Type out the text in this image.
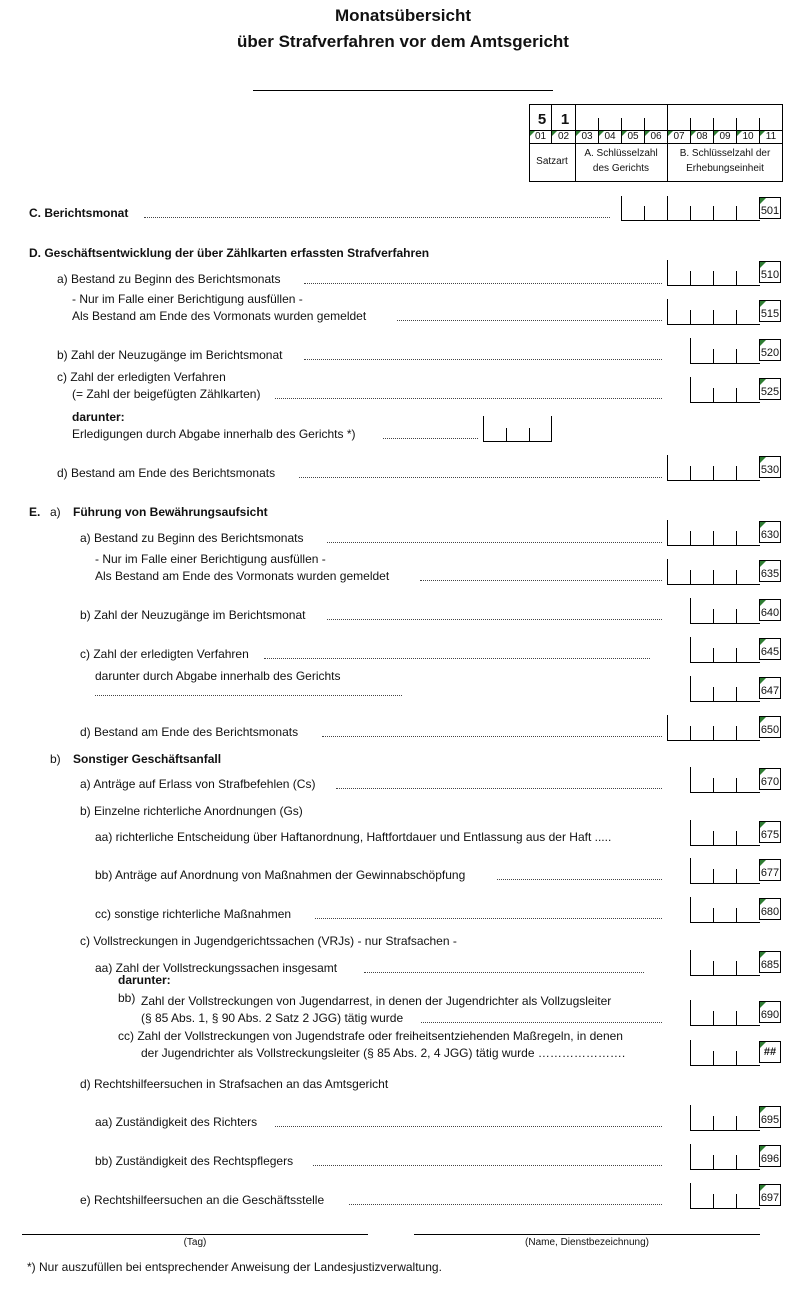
Monatsübersicht
über Strafverfahren vor dem Amtsgericht
5 1
01	02	03	04	05	06	07	08	09	10	11
Satzart
A. Schlüsselzahl
des Gerichts
B. Schlüsselzahl der
Erhebungseinheit
C. Berichtsmonat	501
D. Geschäftsentwicklung der über Zählkarten erfassten Strafverfahren
a) Bestand zu Beginn des Berichtsmonats	510
- Nur im Falle einer Berichtigung ausfüllen -
Als Bestand am Ende des Vormonats wurden gemeldet	515
b) Zahl der Neuzugänge im Berichtsmonat	520
c) Zahl der erledigten Verfahren
(= Zahl der beigefügten Zählkarten)	525
darunter:
Erledigungen durch Abgabe innerhalb des Gerichts *)
d) Bestand am Ende des Berichtsmonats	530
E. a) Führung von Bewährungsaufsicht
a) Bestand zu Beginn des Berichtsmonats	630
- Nur im Falle einer Berichtigung ausfüllen -
Als Bestand am Ende des Vormonats wurden gemeldet	635
b) Zahl der Neuzugänge im Berichtsmonat	640
c) Zahl der erledigten Verfahren	645
darunter durch Abgabe innerhalb des Gerichts
647
d) Bestand am Ende des Berichtsmonats	650
b) Sonstiger Geschäftsanfall
a) Anträge auf Erlass von Strafbefehlen (Cs)	670
b) Einzelne richterliche Anordnungen (Gs)
aa) richterliche Entscheidung über Haftanordnung, Haftfortdauer und Entlassung aus der Haft .....	675
bb) Anträge auf Anordnung von Maßnahmen der Gewinnabschöpfung	677
cc) sonstige richterliche Maßnahmen	680
c) Vollstreckungen in Jugendgerichtssachen (VRJs) - nur Strafsachen -
aa) Zahl der Vollstreckungssachen insgesamt	685
darunter:
bb) Zahl der Vollstreckungen von Jugendarrest, in denen der Jugendrichter als Vollzugsleiter
(§ 85 Abs. 1, § 90 Abs. 2 Satz 2 JGG) tätig wurde	690
cc) Zahl der Vollstreckungen von Jugendstrafe oder freiheitsentziehenden Maßregeln, in denen
der Jugendrichter als Vollstreckungsleiter (§ 85 Abs. 2, 4 JGG) tätig wurde ………………….	##
d) Rechtshilfeersuchen in Strafsachen an das Amtsgericht
aa) Zuständigkeit des Richters	695
bb) Zuständigkeit des Rechtspflegers	696
e) Rechtshilfeersuchen an die Geschäftsstelle	697
(Tag)	(Name, Dienstbezeichnung)
*) Nur auszufüllen bei entsprechender Anweisung der Landesjustizverwaltung.
